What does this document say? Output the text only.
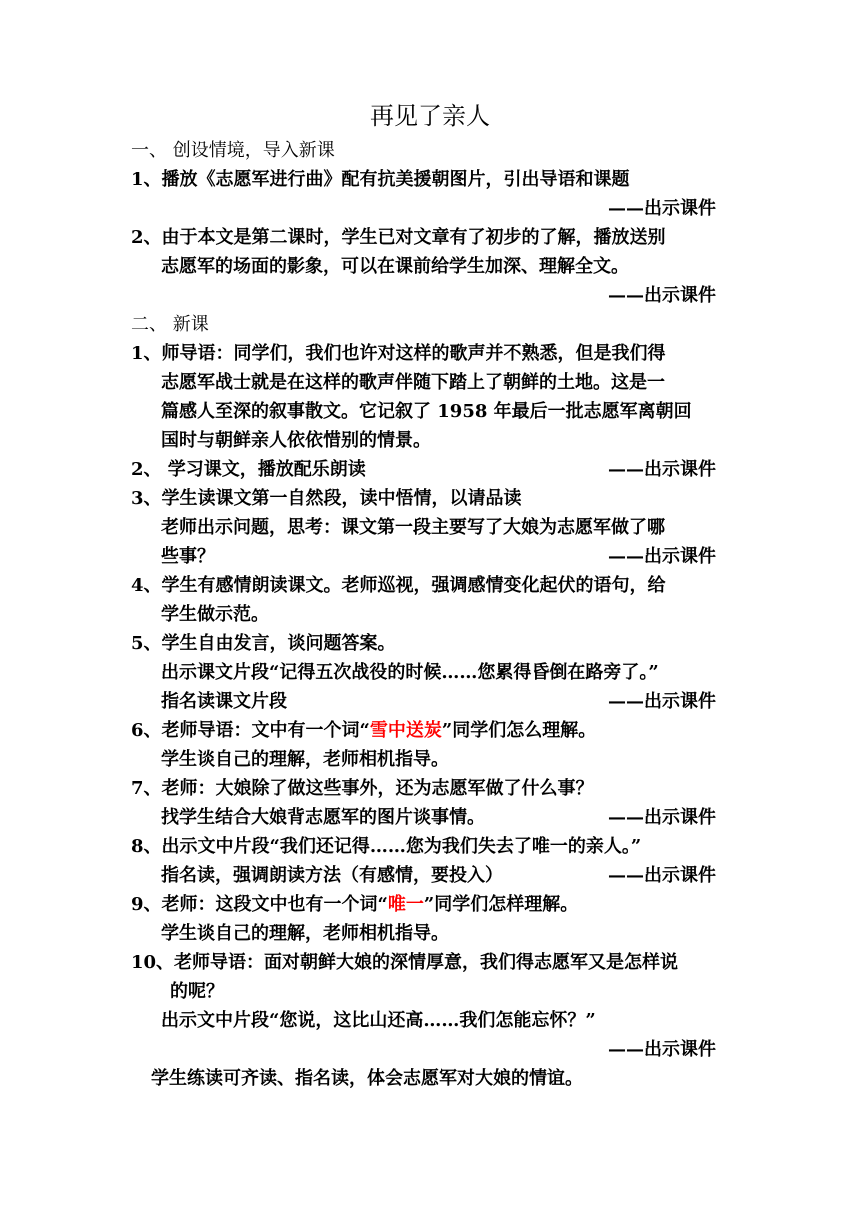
再见了亲人
一、 创设情境，导入新课
1、播放《志愿军进行曲》配有抗美援朝图片，引出导语和课题
——出示课件
2、由于本文是第二课时，学生已对文章有了初步的了解，播放送别
志愿军的场面的影象，可以在课前给学生加深、理解全文。
——出示课件
二、 新课
1、师导语：同学们，我们也许对这样的歌声并不熟悉，但是我们得
志愿军战士就是在这样的歌声伴随下踏上了朝鲜的土地。这是一
篇感人至深的叙事散文。它记叙了 1958 年最后一批志愿军离朝回
国时与朝鲜亲人依依惜别的情景。
2、 学习课文，播放配乐朗读	——出示课件
3、学生读课文第一自然段，读中悟情，以请品读
老师出示问题，思考：课文第一段主要写了大娘为志愿军做了哪
些事？	——出示课件
4、学生有感情朗读课文。老师巡视，强调感情变化起伏的语句，给
学生做示范。
5、学生自由发言，谈问题答案。
出示课文片段“记得五次战役的时候……您累得昏倒在路旁了。”
指名读课文片段	——出示课件
6、老师导语：文中有一个词“雪中送炭”同学们怎么理解。
学生谈自己的理解，老师相机指导。
7、老师：大娘除了做这些事外，还为志愿军做了什么事？
找学生结合大娘背志愿军的图片谈事情。	——出示课件
8、出示文中片段“我们还记得……您为我们失去了唯一的亲人。”
指名读，强调朗读方法（有感情，要投入）	——出示课件
9、老师：这段文中也有一个词“唯一”同学们怎样理解。
学生谈自己的理解，老师相机指导。
10、老师导语：面对朝鲜大娘的深情厚意，我们得志愿军又是怎样说
的呢？
出示文中片段“您说，这比山还高……我们怎能忘怀？”
——出示课件
学生练读可齐读、指名读，体会志愿军对大娘的情谊。
